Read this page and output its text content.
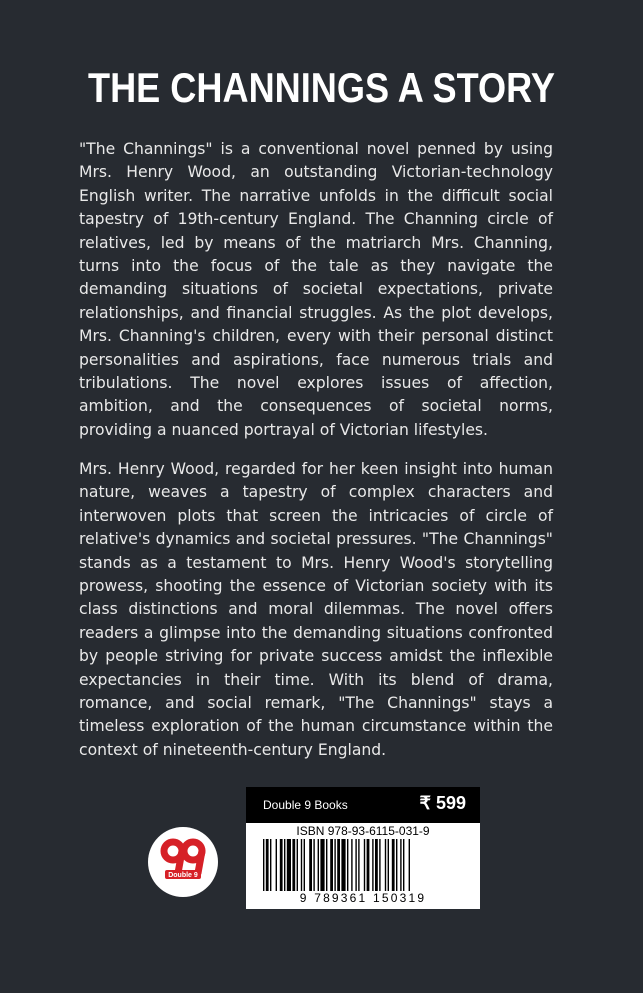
THE CHANNINGS A STORY

"The Channings" is a conventional novel penned by using Mrs. Henry Wood, an outstanding Victorian-technology English writer. The narrative unfolds in the difficult social tapestry of 19th-century England. The Channing circle of relatives, led by means of the matriarch Mrs. Channing, turns into the focus of the tale as they navigate the demanding situations of societal expectations, private relationships, and financial struggles. As the plot develops, Mrs. Channing's children, every with their personal distinct personalities and aspirations, face numerous trials and tribulations. The novel explores issues of affection, ambition, and the consequences of societal norms, providing a nuanced portrayal of Victorian lifestyles.

Mrs. Henry Wood, regarded for her keen insight into human nature, weaves a tapestry of complex characters and interwoven plots that screen the intricacies of circle of relative's dynamics and societal pressures. "The Channings" stands as a testament to Mrs. Henry Wood's storytelling prowess, shooting the essence of Victorian society with its class distinctions and moral dilemmas. The novel offers readers a glimpse into the demanding situations confronted by people striving for private success amidst the inflexible expectancies in their time. With its blend of drama, romance, and social remark, "The Channings" stays a timeless exploration of the human circumstance within the context of nineteenth-century England.

Double 9
Double 9 Books	₹ 599
ISBN 978-93-6115-031-9
9 789361 150319
